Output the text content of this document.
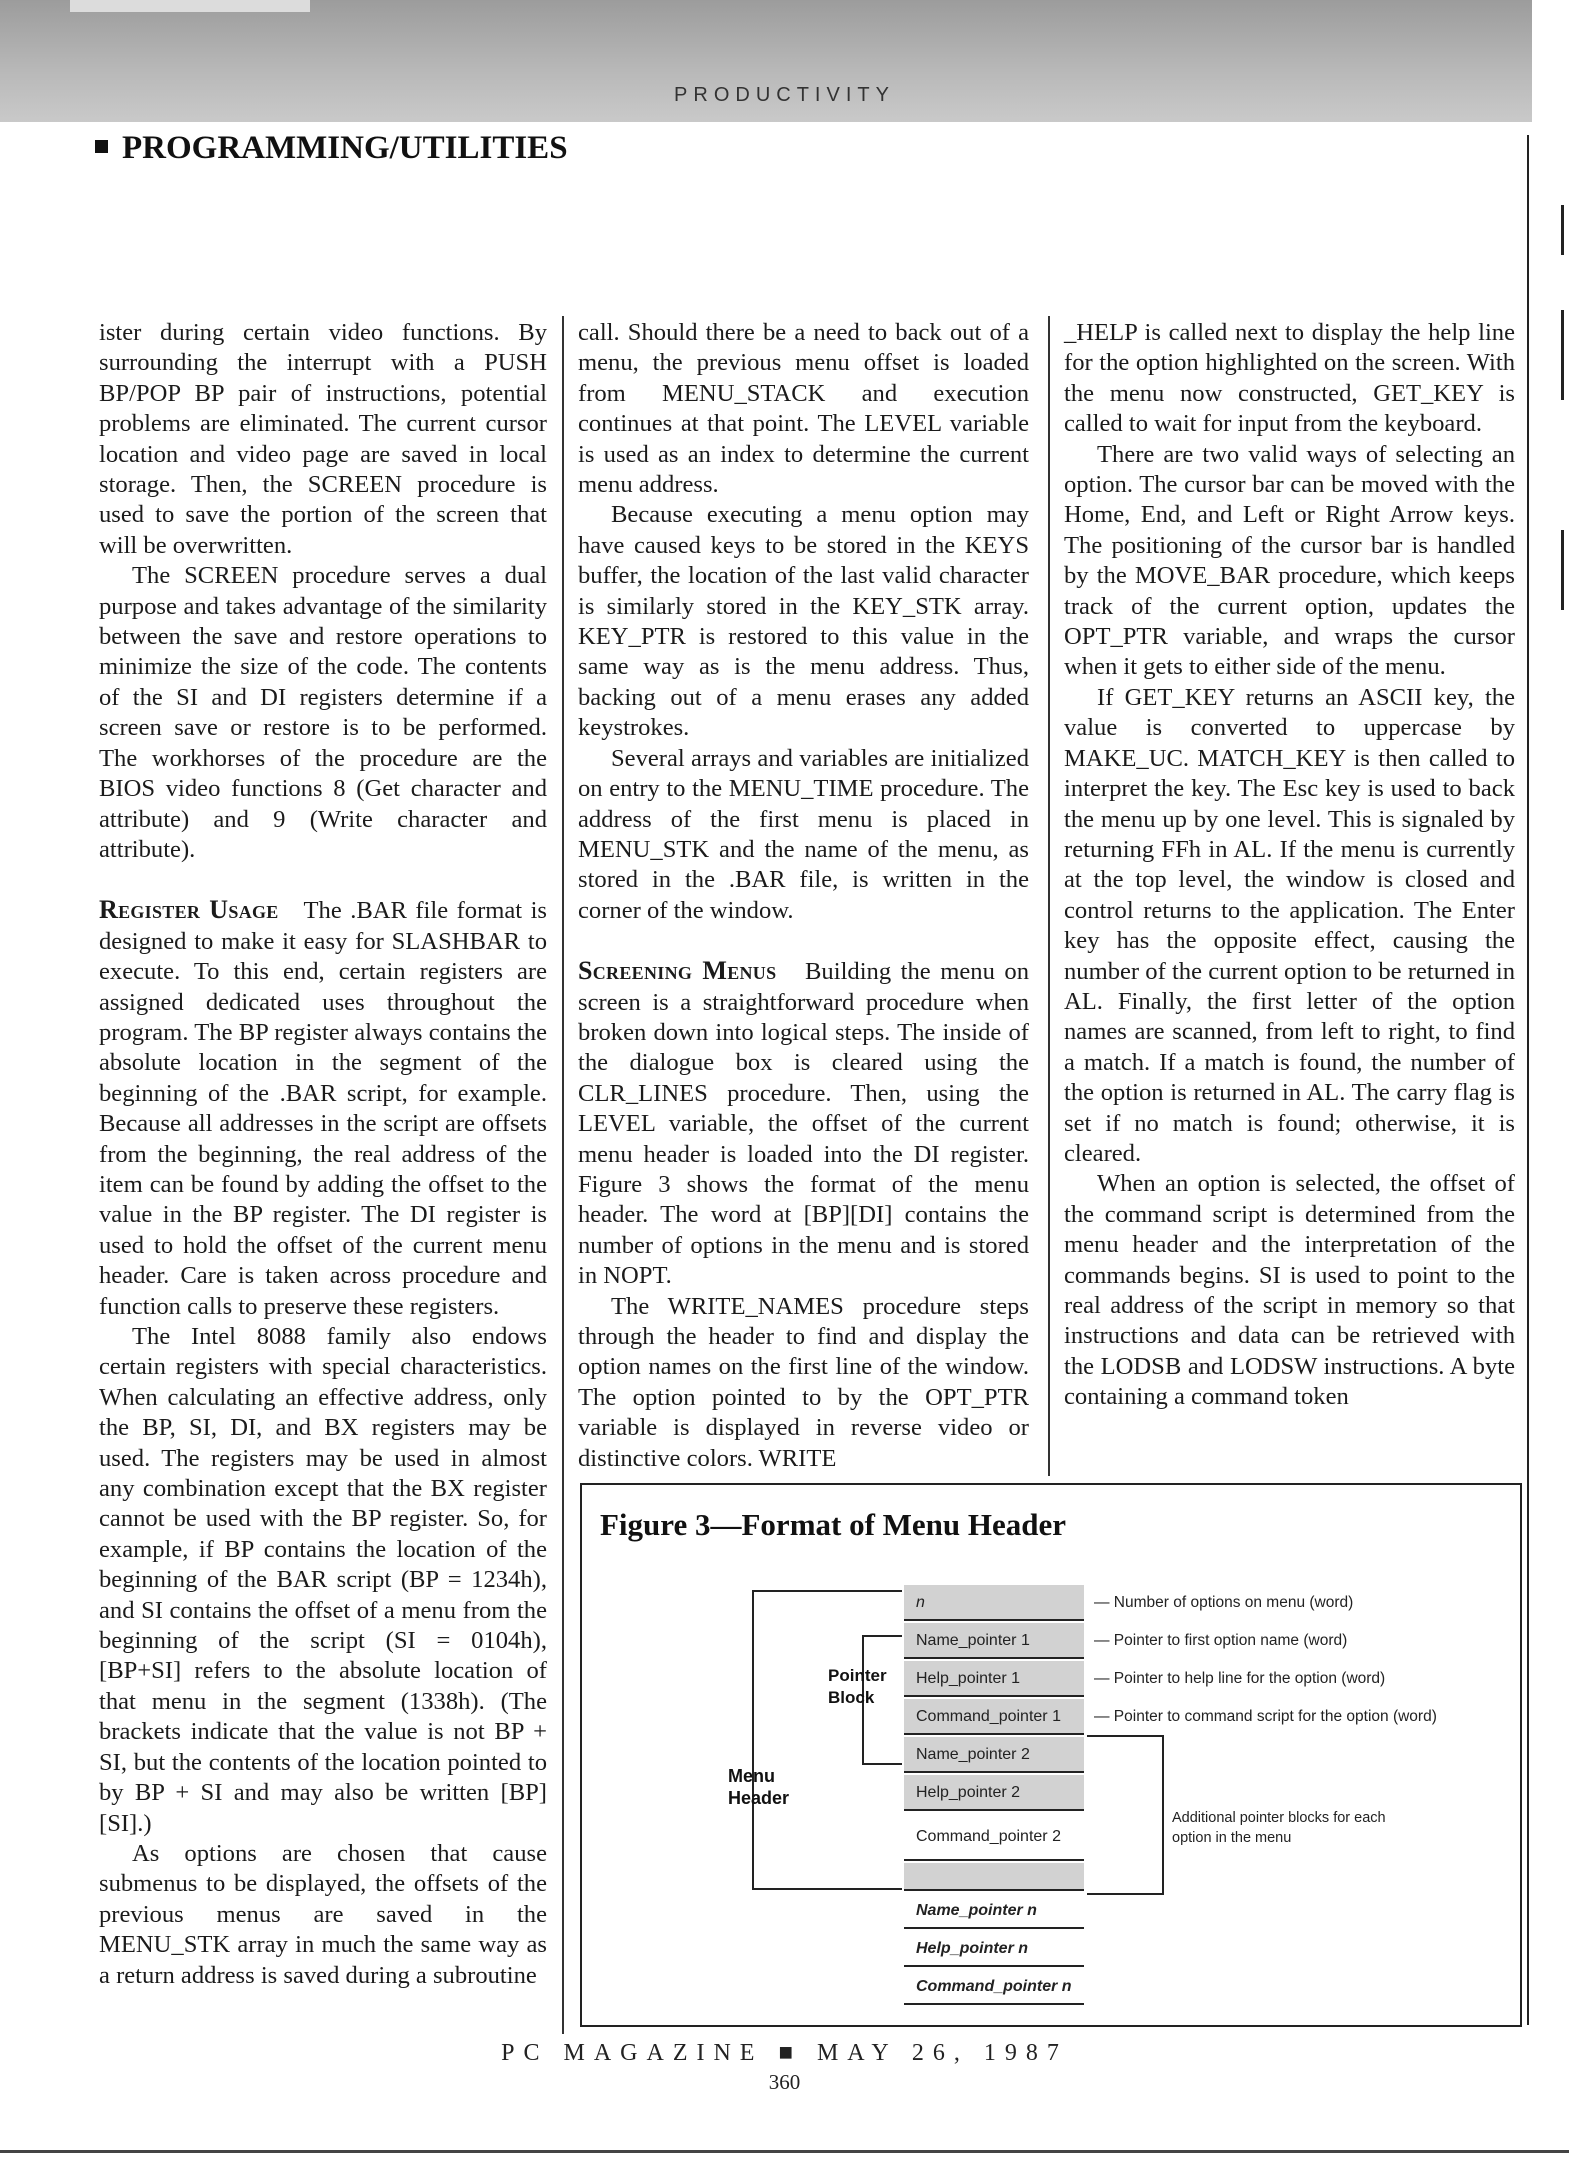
PRODUCTIVITY
PROGRAMMING/UTILITIES

ister during certain video functions. By surrounding the interrupt with a PUSH BP/POP BP pair of instructions, potential problems are eliminated. The current cursor location and video page are saved in local storage. Then, the SCREEN procedure is used to save the portion of the screen that will be overwritten.

The SCREEN procedure serves a dual purpose and takes advantage of the similarity between the save and restore operations to minimize the size of the code. The contents of the SI and DI registers determine if a screen save or restore is to be performed. The workhorses of the procedure are the BIOS video functions 8 (Get character and attribute) and 9 (Write character and attribute).

Register Usage The .BAR file format is designed to make it easy for SLASHBAR to execute. To this end, certain registers are assigned dedicated uses throughout the program. The BP register always contains the absolute location in the segment of the beginning of the .BAR script, for example. Because all addresses in the script are offsets from the beginning, the real address of the item can be found by adding the offset to the value in the BP register. The DI register is used to hold the offset of the current menu header. Care is taken across procedure and function calls to preserve these registers.

The Intel 8088 family also endows certain registers with special characteristics. When calculating an effective address, only the BP, SI, DI, and BX registers may be used. The registers may be used in almost any combination except that the BX register cannot be used with the BP register. So, for example, if BP contains the location of the beginning of the BAR script (BP = 1234h), and SI contains the offset of a menu from the beginning of the script (SI = 0104h), [BP+SI] refers to the absolute location of that menu in the segment (1338h). (The brackets indicate that the value is not BP + SI, but the contents of the location pointed to by BP + SI and may also be written [BP][SI].)

As options are chosen that cause submenus to be displayed, the offsets of the previous menus are saved in the MENU_STK array in much the same way as a return address is saved during a subroutine

call. Should there be a need to back out of a menu, the previous menu offset is loaded from MENU_STACK and execution continues at that point. The LEVEL variable is used as an index to determine the current menu address.

Because executing a menu option may have caused keys to be stored in the KEYS buffer, the location of the last valid character is similarly stored in the KEY_STK array. KEY_PTR is restored to this value in the same way as is the menu address. Thus, backing out of a menu erases any added keystrokes.

Several arrays and variables are initialized on entry to the MENU_TIME procedure. The address of the first menu is placed in MENU_STK and the name of the menu, as stored in the .BAR file, is written in the corner of the window.

Screening Menus Building the menu on screen is a straightforward procedure when broken down into logical steps. The inside of the dialogue box is cleared using the CLR_LINES procedure. Then, using the LEVEL variable, the offset of the current menu header is loaded into the DI register. Figure 3 shows the format of the menu header. The word at [BP][DI] contains the number of options in the menu and is stored in NOPT.

The WRITE_NAMES procedure steps through the header to find and display the option names on the first line of the window. The option pointed to by the OPT_PTR variable is displayed in reverse video or distinctive colors. WRITE

_HELP is called next to display the help line for the option highlighted on the screen. With the menu now constructed, GET_KEY is called to wait for input from the keyboard.

There are two valid ways of selecting an option. The cursor bar can be moved with the Home, End, and Left or Right Arrow keys. The positioning of the cursor bar is handled by the MOVE_BAR procedure, which keeps track of the current option, updates the OPT_PTR variable, and wraps the cursor when it gets to either side of the menu.

If GET_KEY returns an ASCII key, the value is converted to uppercase by MAKE_UC. MATCH_KEY is then called to interpret the key. The Esc key is used to back the menu up by one level. This is signaled by returning FFh in AL. If the menu is currently at the top level, the window is closed and control returns to the application. The Enter key has the opposite effect, causing the number of the current option to be returned in AL. Finally, the first letter of the option names are scanned, from left to right, to find a match. If a match is found, the number of the option is returned in AL. The carry flag is set if no match is found; otherwise, it is cleared.

When an option is selected, the offset of the command script is determined from the menu header and the interpretation of the commands begins. SI is used to point to the real address of the script in memory so that instructions and data can be retrieved with the LODSB and LODSW instructions. A byte containing a command token

Figure 3—Format of Menu Header
Menu
Header
Pointer
Block
n
Name_pointer 1
Help_pointer 1
Command_pointer 1
Name_pointer 2
Help_pointer 2
Command_pointer 2
Name_pointer n
Help_pointer n
Command_pointer n
— Number of options on menu (word)
— Pointer to first option name (word)
— Pointer to help line for the option (word)
— Pointer to command script for the option (word)
Additional pointer blocks for each option in the menu
PC MAGAZINE ■ MAY 26, 1987
360
